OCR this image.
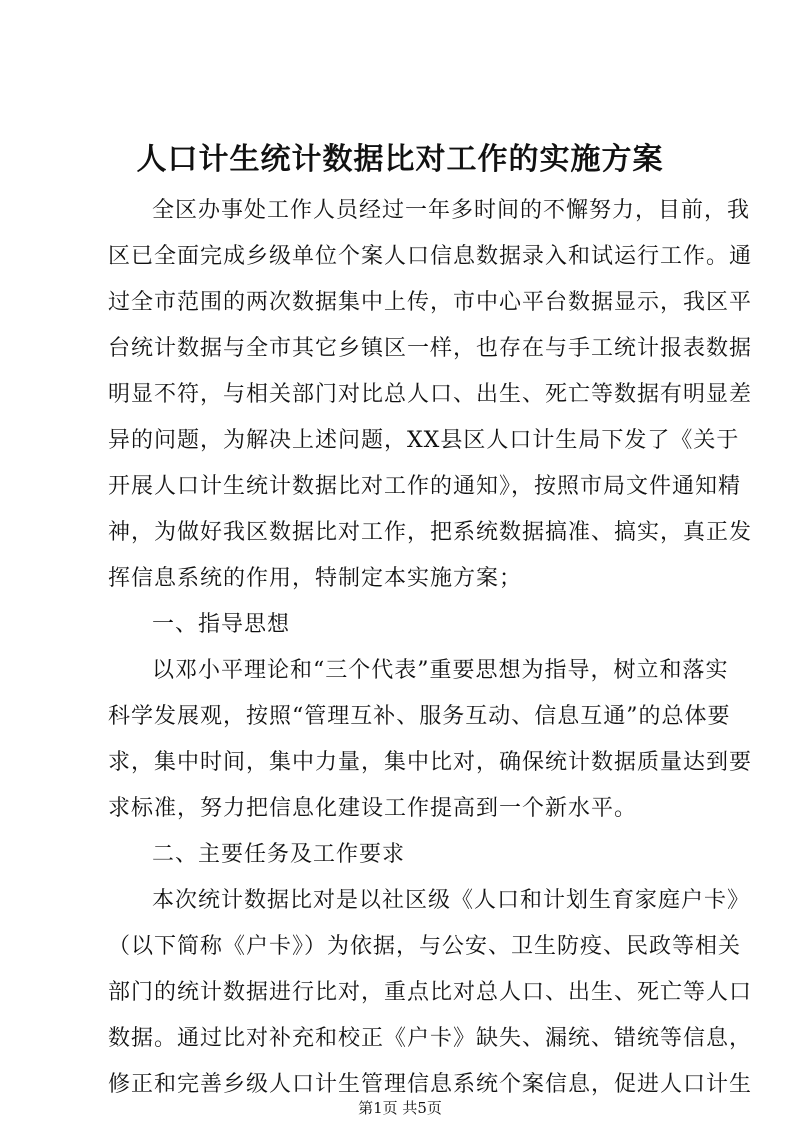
人口计生统计数据比对工作的实施方案
全区办事处工作人员经过一年多时间的不懈努力，目前，我
区已全面完成乡级单位个案人口信息数据录入和试运行工作。通
过全市范围的两次数据集中上传，市中心平台数据显示，我区平
台统计数据与全市其它乡镇区一样，也存在与手工统计报表数据
明显不符，与相关部门对比总人口、出生、死亡等数据有明显差
异的问题，为解决上述问题，XX县区人口计生局下发了《关于
开展人口计生统计数据比对工作的通知》，按照市局文件通知精
神，为做好我区数据比对工作，把系统数据搞准、搞实，真正发
挥信息系统的作用，特制定本实施方案；
一、指导思想
以邓小平理论和“三个代表”重要思想为指导，树立和落实
科学发展观，按照“管理互补、服务互动、信息互通”的总体要
求，集中时间，集中力量，集中比对，确保统计数据质量达到要
求标准，努力把信息化建设工作提高到一个新水平。
二、主要任务及工作要求
本次统计数据比对是以社区级《人口和计划生育家庭户卡》
（以下简称《户卡》）为依据，与公安、卫生防疫、民政等相关
部门的统计数据进行比对，重点比对总人口、出生、死亡等人口
数据。通过比对补充和校正《户卡》缺失、漏统、错统等信息，
修正和完善乡级人口计生管理信息系统个案信息，促进人口计生
第1页 共5页
